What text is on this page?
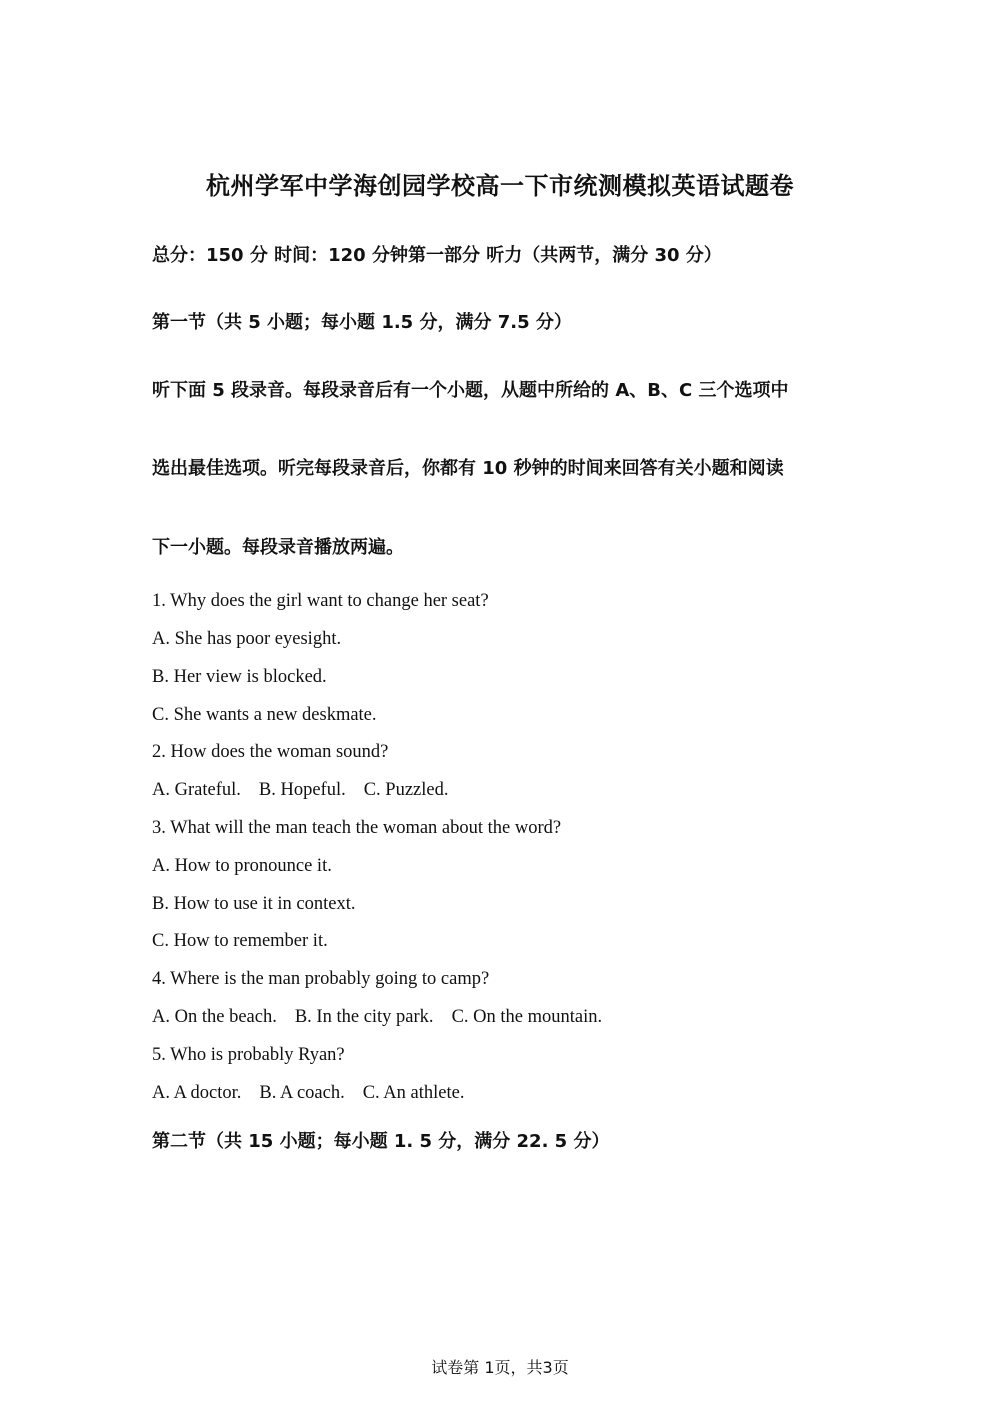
杭州学军中学海创园学校高一下市统测模拟英语试题卷
总分：150 分 时间：120 分钟第一部分 听力（共两节，满分 30 分）
第一节（共 5 小题；每小题 1.5 分，满分 7.5 分）
听下面 5 段录音。每段录音后有一个小题，从题中所给的 A、B、C 三个选项中
选出最佳选项。听完每段录音后，你都有 10 秒钟的时间来回答有关小题和阅读
下一小题。每段录音播放两遍。
1. Why does the girl want to change her seat?
A. She has poor eyesight.
B. Her view is blocked.
C. She wants a new deskmate.
2. How does the woman sound?
A. Grateful. B. Hopeful. C. Puzzled.
3. What will the man teach the woman about the word?
A. How to pronounce it.
B. How to use it in context.
C. How to remember it.
4. Where is the man probably going to camp?
A. On the beach. B. In the city park. C. On the mountain.
5. Who is probably Ryan?
A. A doctor. B. A coach. C. An athlete.
第二节（共 15 小题；每小题 1. 5 分，满分 22. 5 分）
试卷第 1页，共3页
